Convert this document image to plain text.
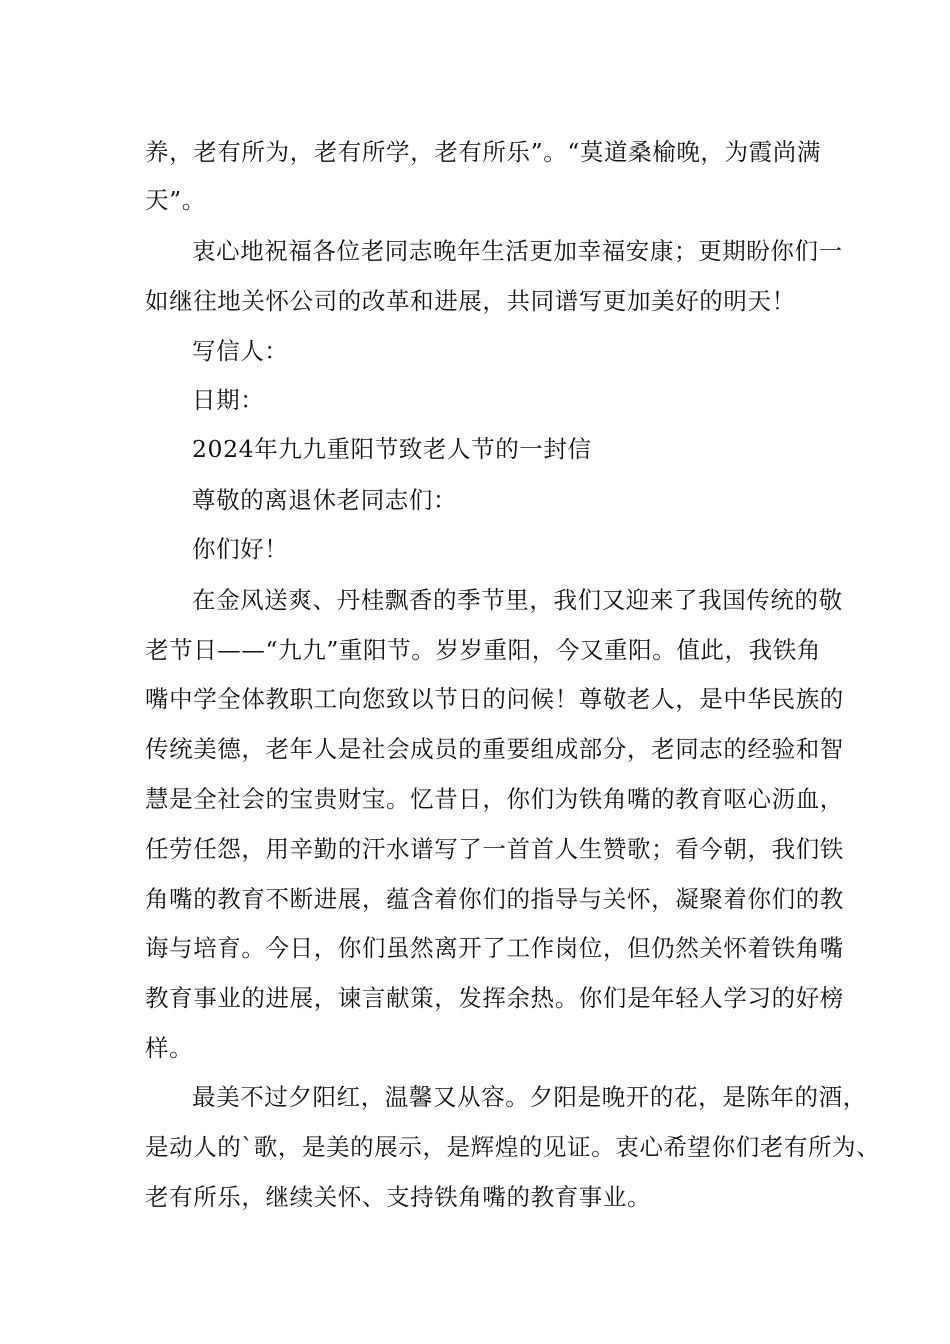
养，老有所为，老有所学，老有所乐”。“莫道桑榆晚，为霞尚满
天”。
衷心地祝福各位老同志晚年生活更加幸福安康；更期盼你们一
如继往地关怀公司的改革和进展，共同谱写更加美好的明天！
写信人：
日期：
2024年九九重阳节致老人节的一封信
尊敬的离退休老同志们：
你们好！
在金风送爽、丹桂飘香的季节里，我们又迎来了我国传统的敬
老节日——“九九”重阳节。岁岁重阳，今又重阳。值此，我铁角
嘴中学全体教职工向您致以节日的问候！尊敬老人，是中华民族的
传统美德，老年人是社会成员的重要组成部分，老同志的经验和智
慧是全社会的宝贵财宝。忆昔日，你们为铁角嘴的教育呕心沥血，
任劳任怨，用辛勤的汗水谱写了一首首人生赞歌；看今朝，我们铁
角嘴的教育不断进展，蕴含着你们的指导与关怀，凝聚着你们的教
诲与培育。今日，你们虽然离开了工作岗位，但仍然关怀着铁角嘴
教育事业的进展，谏言献策，发挥余热。你们是年轻人学习的好榜
样。
最美不过夕阳红，温馨又从容。夕阳是晚开的花，是陈年的酒，
是动人的`歌，是美的展示，是辉煌的见证。衷心希望你们老有所为、
老有所乐，继续关怀、支持铁角嘴的教育事业。
